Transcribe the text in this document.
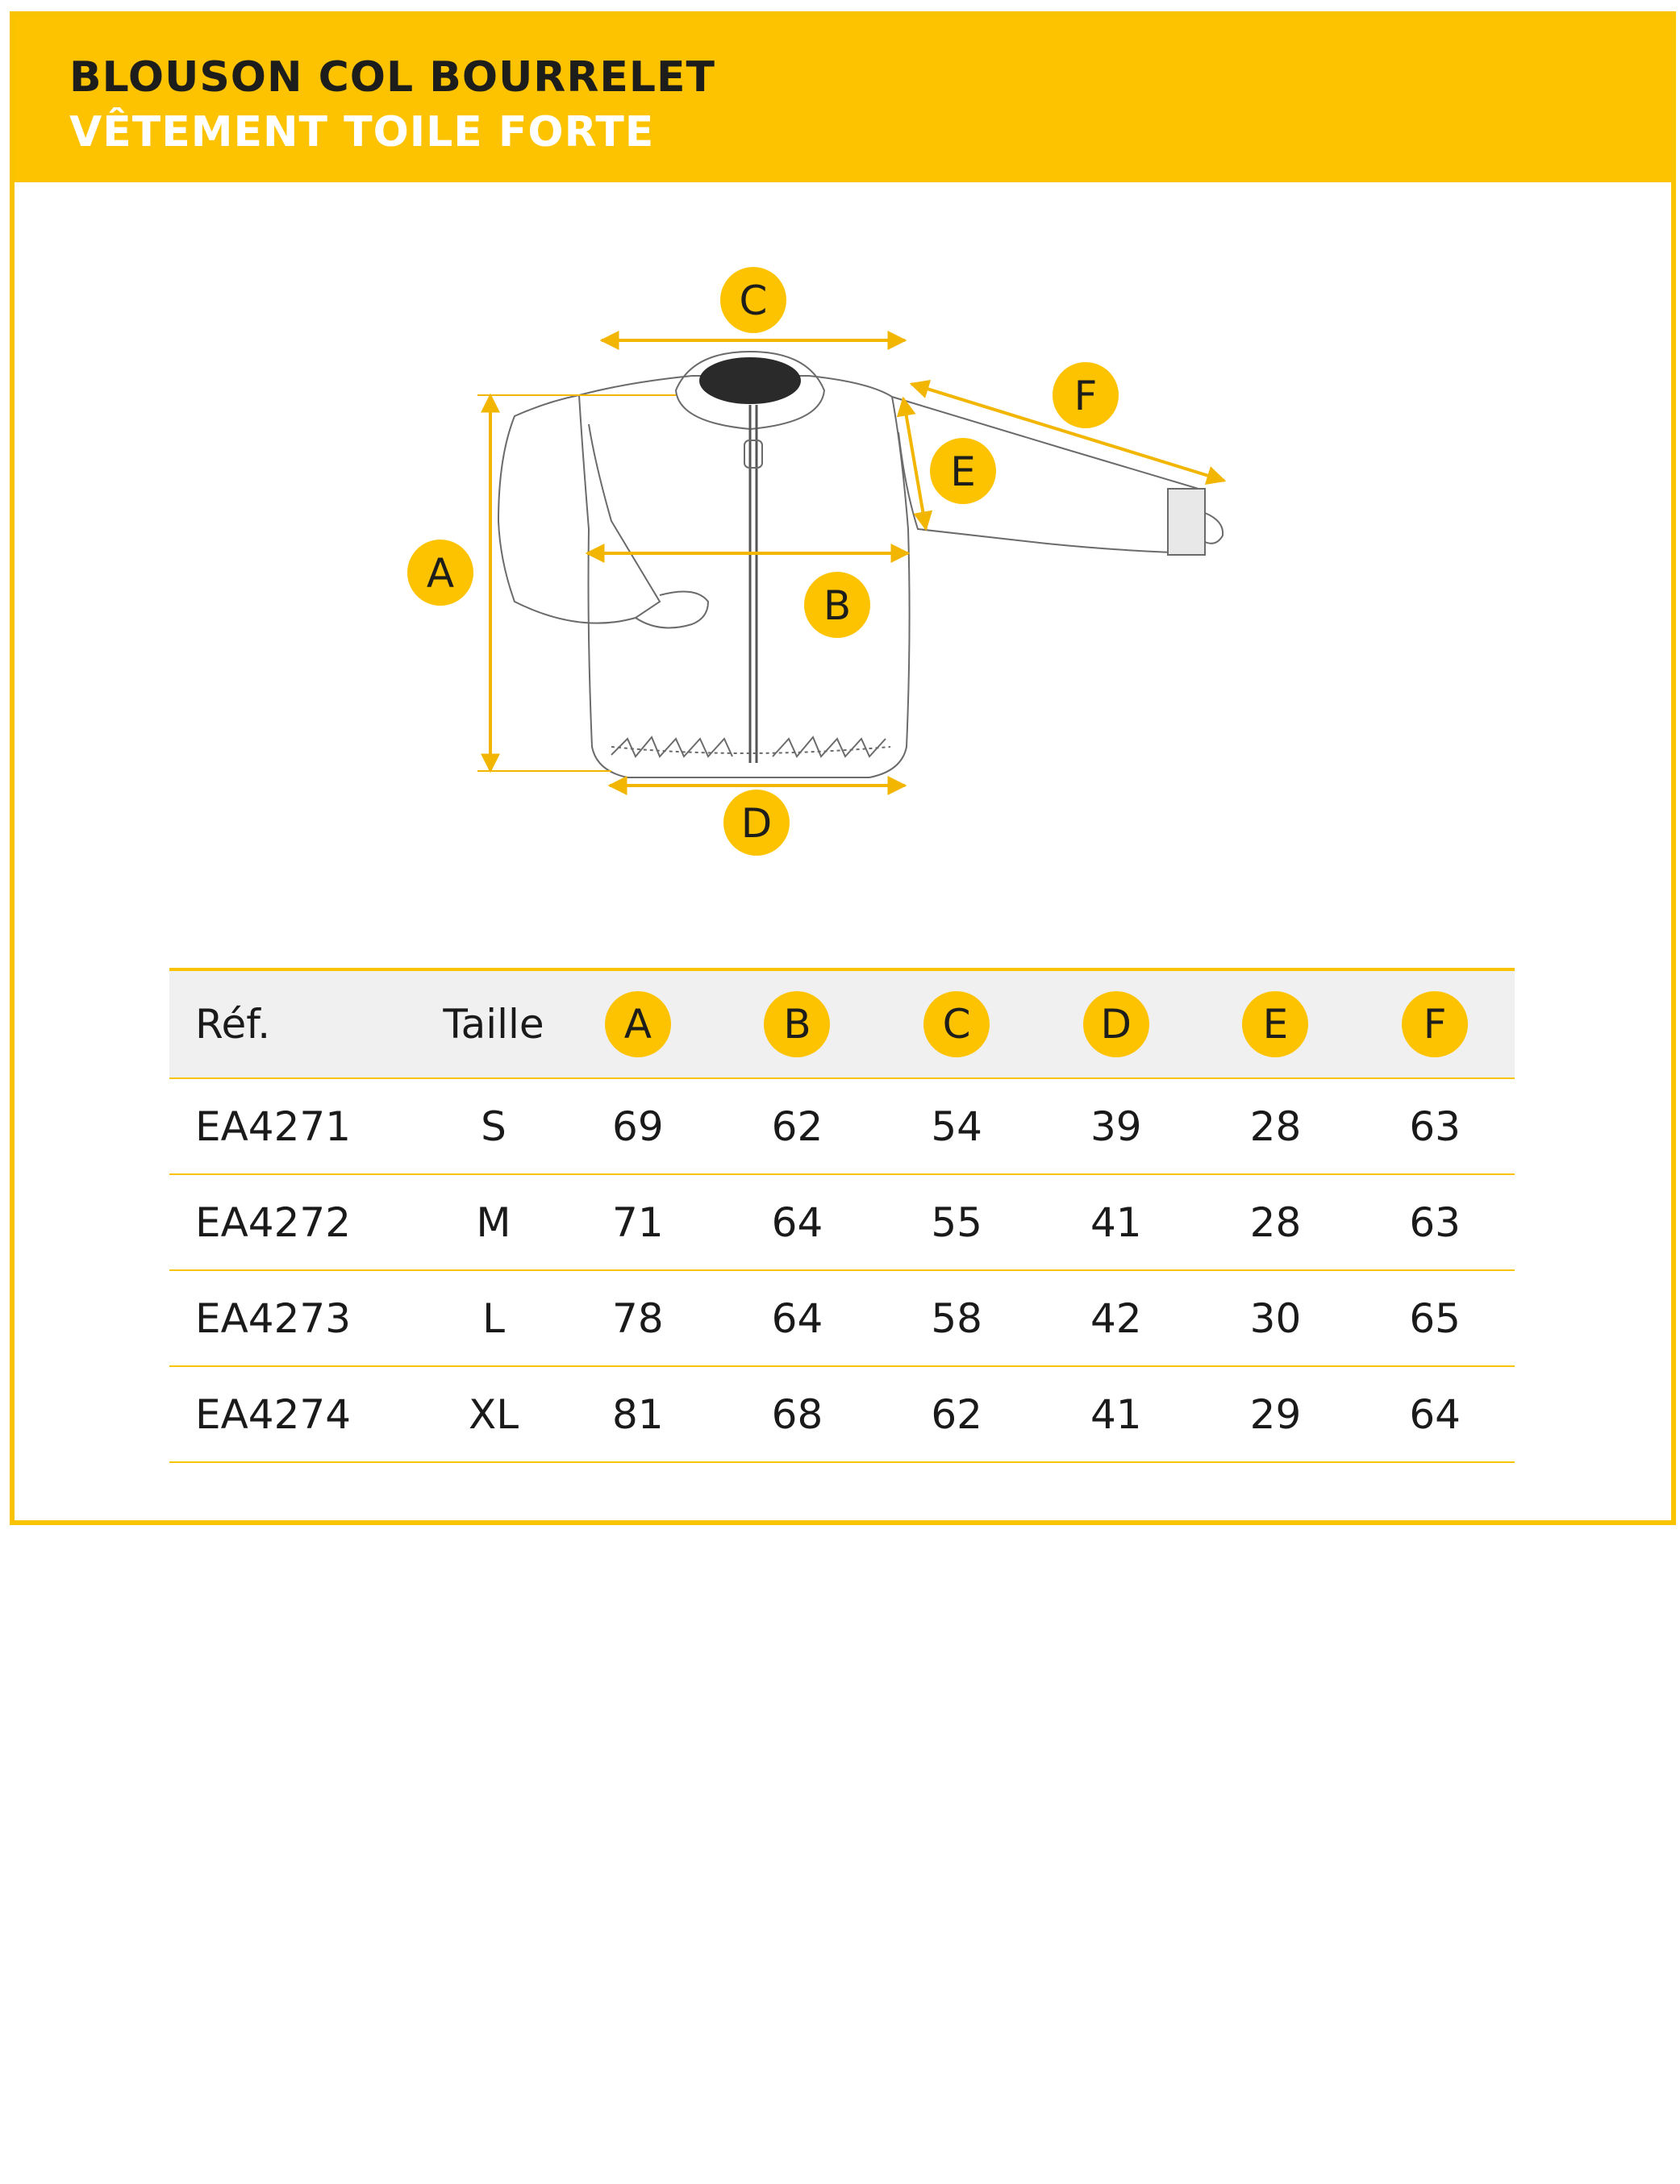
BLOUSON COL BOURRELET
VÊTEMENT TOILE FORTE
C
A
B
D
E
F
Réf.	Taille	A	B	C	D	E	F
EA4271	S	69	62	54	39	28	63
EA4272	M	71	64	55	41	28	63
EA4273	L	78	64	58	42	30	65
EA4274	XL	81	68	62	41	29	64
